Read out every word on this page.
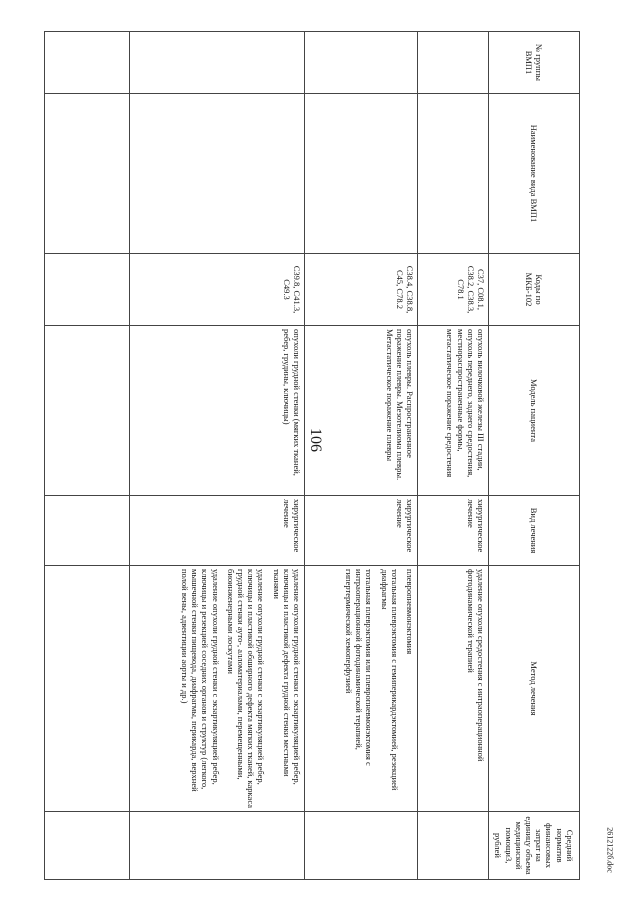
106
2612122б.doc
№ группы ВМП1	Наименование вида ВМП1	Коды по МКБ-102	Модель пациента	Вид лечения	Метод лечения	Средний норматив финансовых затрат на единицу объема медицинской помощи3, рублей
		C37, C08.1, C38.2, C38.3, C78.1	опухоль вилочковой железы III стадии, опухоль переднего, заднего средостения, местнораспространенные формы, метастатическое поражение средостения	хирургическое лечение	удаление опухоли средостения с интраоперационной фотодинамической терапией	

		C38.4, C38.8, C45, C78.2	опухоль плевры. Распространенное поражение плевры. Мезотелиома плевры. Метастатическое поражение плевры	хирургическое лечение	плевропневмонэктомия
тотальная плеврэктомия с гемиперикардэктомией, резекцией диафрагмы
тотальная плеврэктомия или плевропневмонэктомия с интраоперационной фотодинамической терапией, гипертермической хемоперфузией	

		C39.8, C41.3, C49.3	опухоли грудной стенки (мягких тканей, ребер, грудины, ключицы)	хирургическое лечение	удаление опухоли грудной стенки с экзартикуляцией ребер, ключицы и пластикой дефекта грудной стенки местными тканями
удаление опухоли грудной стенки с экзартикуляцией ребер, ключицы и пластикой обширного дефекта мягких тканей, каркаса грудной стенки ауто-, алломатериалами, перемещенными, биоинженерными лоскутами
удаление опухоли грудной стенки с экзартикуляцией ребер, ключицы и резекцией соседних органов и структур (легкого, мышечной стенки пищевода, диафрагмы, перикарда, верхней полой вены, адвентиции аорты и др.)	
